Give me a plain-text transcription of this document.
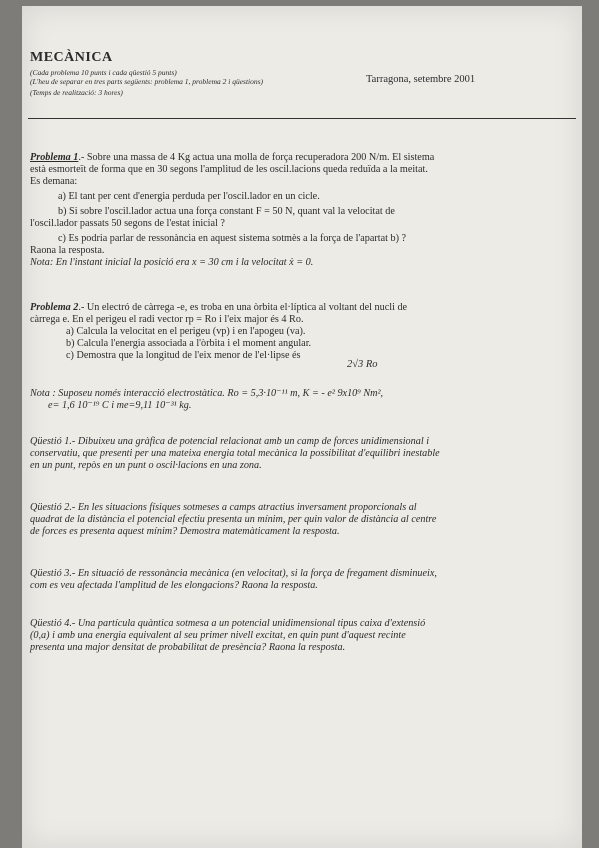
MECÀNICA
(Cada problema 10 punts i cada qüestió 5 punts)
(L'heu de separar en tres parts següents: problema 1, problema 2 i qüestions)
(Temps de realització: 3 hores)
Tarragona, setembre 2001
Problema 1.- Sobre una massa de 4 Kg actua una molla de força recuperadora 200 N/m. El sistema
està esmorteït de forma que en 30 segons l'amplitud de les oscil.lacions queda reduïda a la meitat.
Es demana:
a) El tant per cent d'energia perduda per l'oscil.lador en un cicle.
b) Si sobre l'oscil.lador actua una força constant F = 50 N, quant val la velocitat de
l'oscil.lador passats 50 segons de l'estat inicial ?
c) Es podria parlar de ressonància en aquest sistema sotmès a la força de l'apartat b) ?
Raona la resposta.
Nota: En l'instant inicial la posició era x = 30 cm i la velocitat ẋ = 0.
Problema 2.- Un electró de càrrega -e, es troba en una òrbita el·líptica al voltant del nucli de
càrrega e. En el perigeu el radi vector rp = Ro i l'eix major és 4 Ro.
a) Calcula la velocitat en el perigeu (vp) i en l'apogeu (va).
b) Calcula l'energia associada a l'òrbita i el moment angular.
c) Demostra que la longitud de l'eix menor de l'el·lipse és
2√3 Ro
Nota : Suposeu només interacció electrostàtica. Ro = 5,3·10⁻¹¹ m, K = - e² 9x10⁹ Nm²,
e= 1,6 10⁻¹⁹ C i me=9,11 10⁻³¹ kg.
Qüestió 1.- Dibuixeu una gràfica de potencial relacionat amb un camp de forces unidimensional i
conservatiu, que presenti per una mateixa energia total mecànica la possibilitat d'equilibri inestable
en un punt, repòs en un punt o oscil·lacions en una zona.
Qüestió 2.- En les situacions físiques sotmeses a camps atractius inversament proporcionals al
quadrat de la distància el potencial efectiu presenta un mínim, per quin valor de distància al centre
de forces es presenta aquest mínim? Demostra matemàticament la resposta.
Qüestió 3.- En situació de ressonància mecànica (en velocitat), si la força de fregament disminueix,
com es veu afectada l'amplitud de les elongacions? Raona la resposta.
Qüestió 4.- Una partícula quàntica sotmesa a un potencial unidimensional tipus caixa d'extensió
(0,a) i amb una energia equivalent al seu primer nivell excitat, en quin punt d'aquest recinte
presenta una major densitat de probabilitat de presència? Raona la resposta.
